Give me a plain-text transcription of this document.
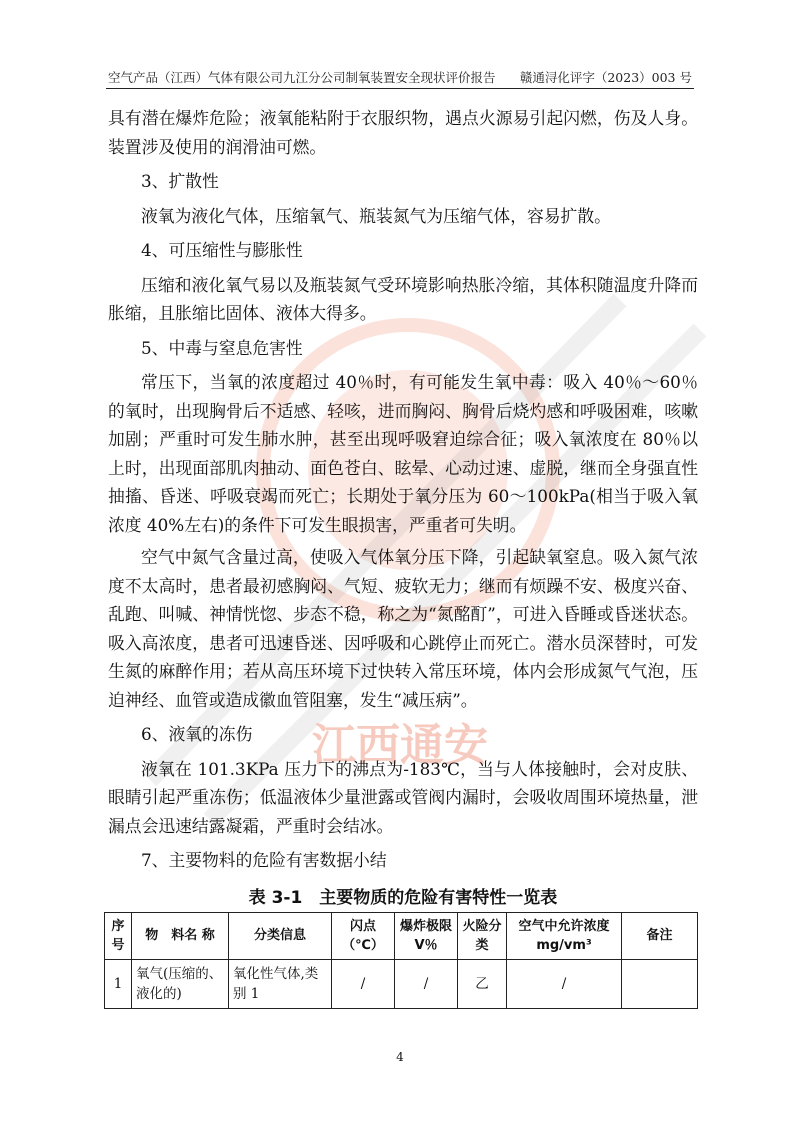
江西通安
空气产品（江西）气体有限公司九江分公司制氧装置安全现状评价报告 赣通浔化评字（2023）003 号

具有潜在爆炸危险；液氧能粘附于衣服织物，遇点火源易引起闪燃，伤及人身。装置涉及使用的润滑油可燃。

3、扩散性

液氧为液化气体，压缩氧气、瓶装氮气为压缩气体，容易扩散。

4、可压缩性与膨胀性

压缩和液化氧气易以及瓶装氮气受环境影响热胀冷缩，其体积随温度升降而胀缩，且胀缩比固体、液体大得多。

5、中毒与窒息危害性

常压下，当氧的浓度超过 40％时，有可能发生氧中毒：吸入 40％～60％的氧时，出现胸骨后不适感、轻咳，进而胸闷、胸骨后烧灼感和呼吸困难，咳嗽加剧；严重时可发生肺水肿，甚至出现呼吸窘迫综合征；吸入氧浓度在 80％以上时，出现面部肌肉抽动、面色苍白、眩晕、心动过速、虚脱，继而全身强直性抽搐、昏迷、呼吸衰竭而死亡；长期处于氧分压为 60～100kPa(相当于吸入氧浓度 40%左右)的条件下可发生眼损害，严重者可失明。

空气中氮气含量过高，使吸入气体氧分压下降，引起缺氧窒息。吸入氮气浓度不太高时，患者最初感胸闷、气短、疲软无力；继而有烦躁不安、极度兴奋、乱跑、叫喊、神情恍惚、步态不稳，称之为“氮酩酊”，可进入昏睡或昏迷状态。吸入高浓度，患者可迅速昏迷、因呼吸和心跳停止而死亡。潜水员深替时，可发生氮的麻醉作用；若从高压环境下过快转入常压环境，体内会形成氮气气泡，压迫神经、血管或造成徽血管阻塞，发生“减压病”。

6、液氧的冻伤

液氧在 101.3KPa 压力下的沸点为-183℃，当与人体接触时，会对皮肤、眼睛引起严重冻伤；低温液体少量泄露或管阀内漏时，会吸收周围环境热量，泄漏点会迅速结露凝霜，严重时会结冰。

7、主要物料的危险有害数据小结

表 3-1　主要物质的危险有害特性一览表
序号	物　料名 称	分类信息	闪点（℃）	爆炸极限V％	火险分类	空气中允许浓度mg/vm³	备注
1	氧气(压缩的、液化的)	氧化性气体,类别 1	/	/	乙	/	
4
